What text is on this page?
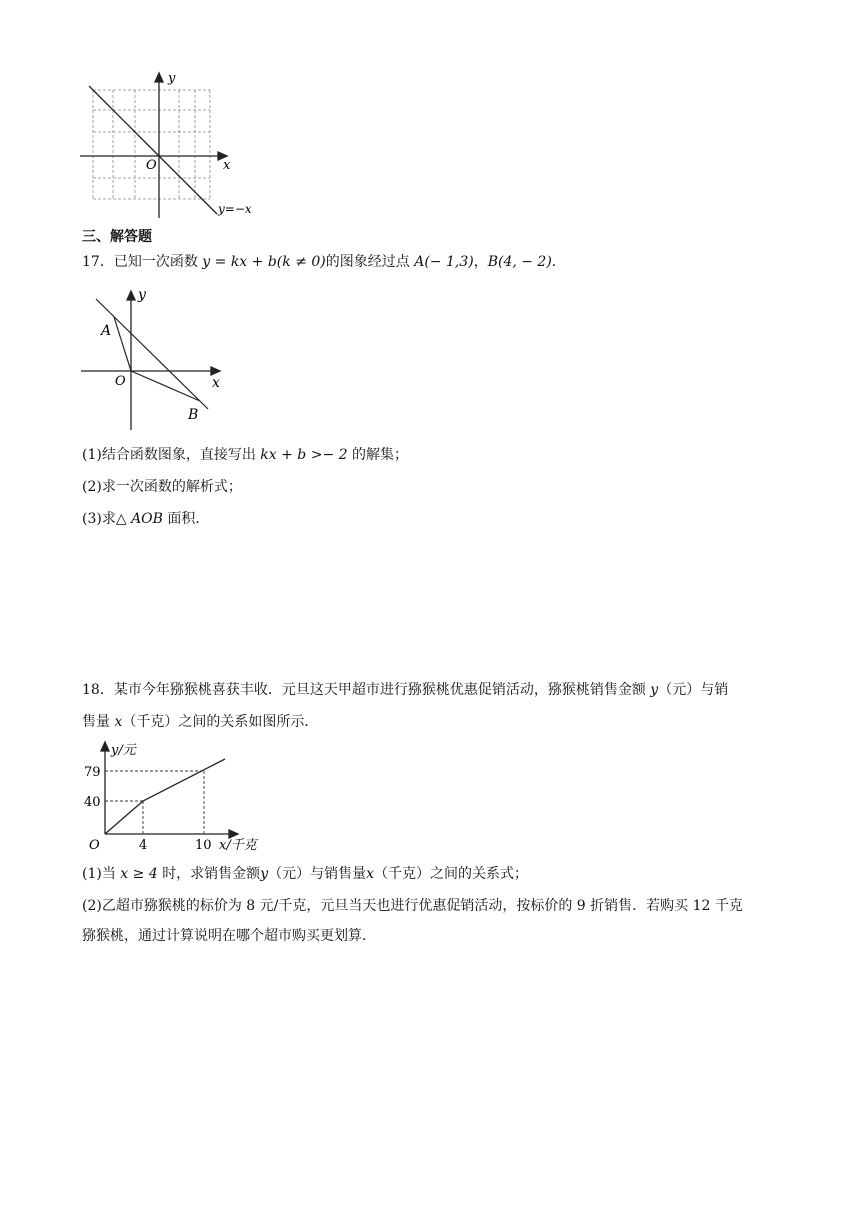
y
x
O
y=−x
三、解答题
17．已知一次函数 y = kx + b(k ≠ 0)的图象经过点 A(− 1,3)，B(4, − 2)．
y
x
O
A
B
(1)结合函数图象，直接写出 kx + b >− 2 的解集；
(2)求一次函数的解析式；
(3)求△ AOB 面积．
18．某市今年猕猴桃喜获丰收．元旦这天甲超市进行猕猴桃优惠促销活动，猕猴桃销售金额 y（元）与销
售量 x（千克）之间的关系如图所示．
y/元
x/千克
O
79
40
4	10
(1)当 x ≥ 4 时，求销售金额y（元）与销售量x（千克）之间的关系式；
(2)乙超市猕猴桃的标价为 8 元/千克，元旦当天也进行优惠促销活动，按标价的 9 折销售．若购买 12 千克
猕猴桃，通过计算说明在哪个超市购买更划算．
